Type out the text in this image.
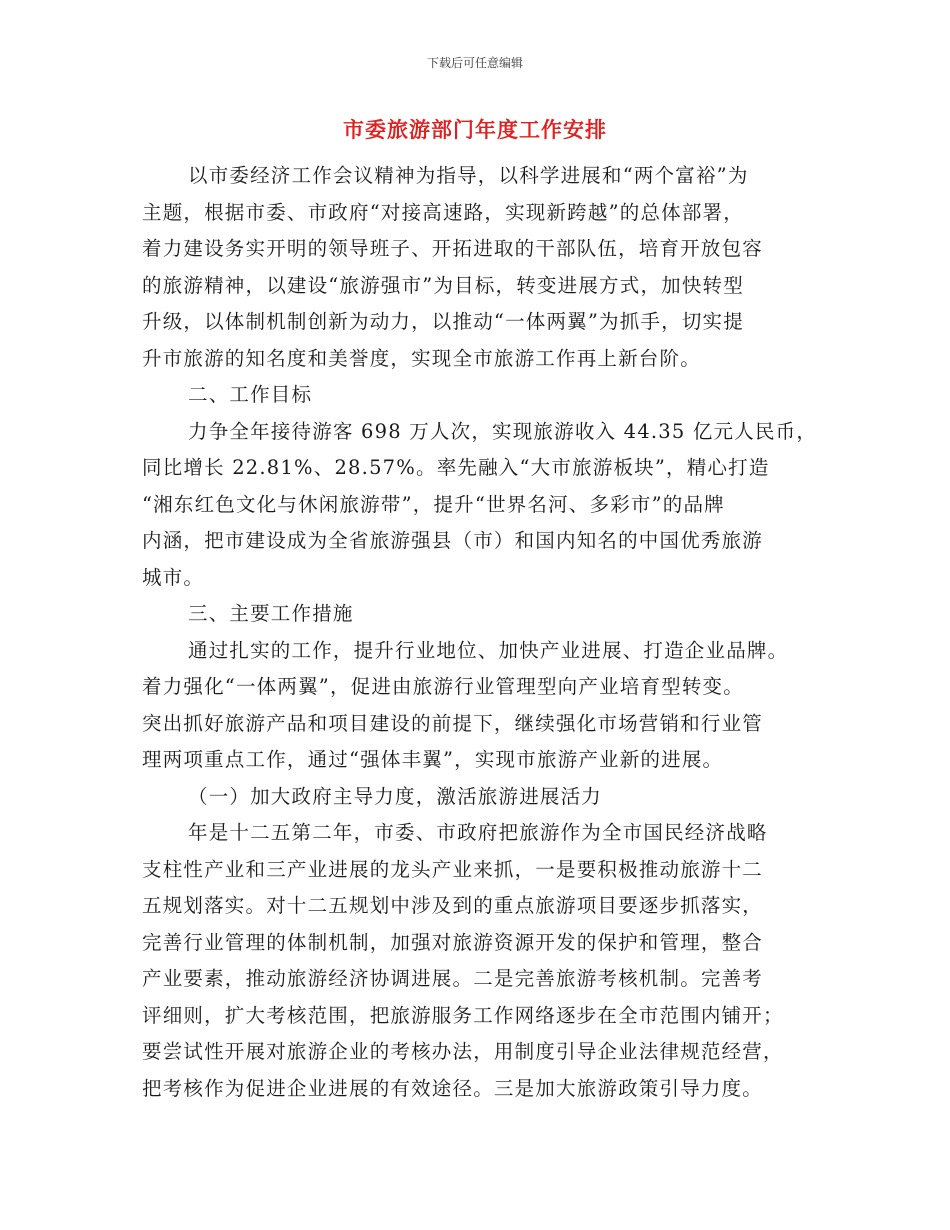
下载后可任意编辑
市委旅游部门年度工作安排
以市委经济工作会议精神为指导，以科学进展和“两个富裕”为
主题，根据市委、市政府“对接高速路，实现新跨越”的总体部署，
着力建设务实开明的领导班子、开拓进取的干部队伍，培育开放包容
的旅游精神，以建设“旅游强市”为目标，转变进展方式，加快转型
升级，以体制机制创新为动力，以推动“一体两翼”为抓手，切实提
升市旅游的知名度和美誉度，实现全市旅游工作再上新台阶。
二、工作目标
力争全年接待游客 698 万人次，实现旅游收入 44.35 亿元人民币，
同比增长 22.81%、28.57%。率先融入“大市旅游板块”，精心打造
“湘东红色文化与休闲旅游带”，提升“世界名河、多彩市”的品牌
内涵，把市建设成为全省旅游强县（市）和国内知名的中国优秀旅游
城市。
三、主要工作措施
通过扎实的工作，提升行业地位、加快产业进展、打造企业品牌。
着力强化“一体两翼”，促进由旅游行业管理型向产业培育型转变。
突出抓好旅游产品和项目建设的前提下，继续强化市场营销和行业管
理两项重点工作，通过“强体丰翼”，实现市旅游产业新的进展。
（一）加大政府主导力度，激活旅游进展活力
年是十二五第二年，市委、市政府把旅游作为全市国民经济战略
支柱性产业和三产业进展的龙头产业来抓，一是要积极推动旅游十二
五规划落实。对十二五规划中涉及到的重点旅游项目要逐步抓落实，
完善行业管理的体制机制，加强对旅游资源开发的保护和管理，整合
产业要素，推动旅游经济协调进展。二是完善旅游考核机制。完善考
评细则，扩大考核范围，把旅游服务工作网络逐步在全市范围内铺开；
要尝试性开展对旅游企业的考核办法，用制度引导企业法律规范经营，
把考核作为促进企业进展的有效途径。三是加大旅游政策引导力度。
